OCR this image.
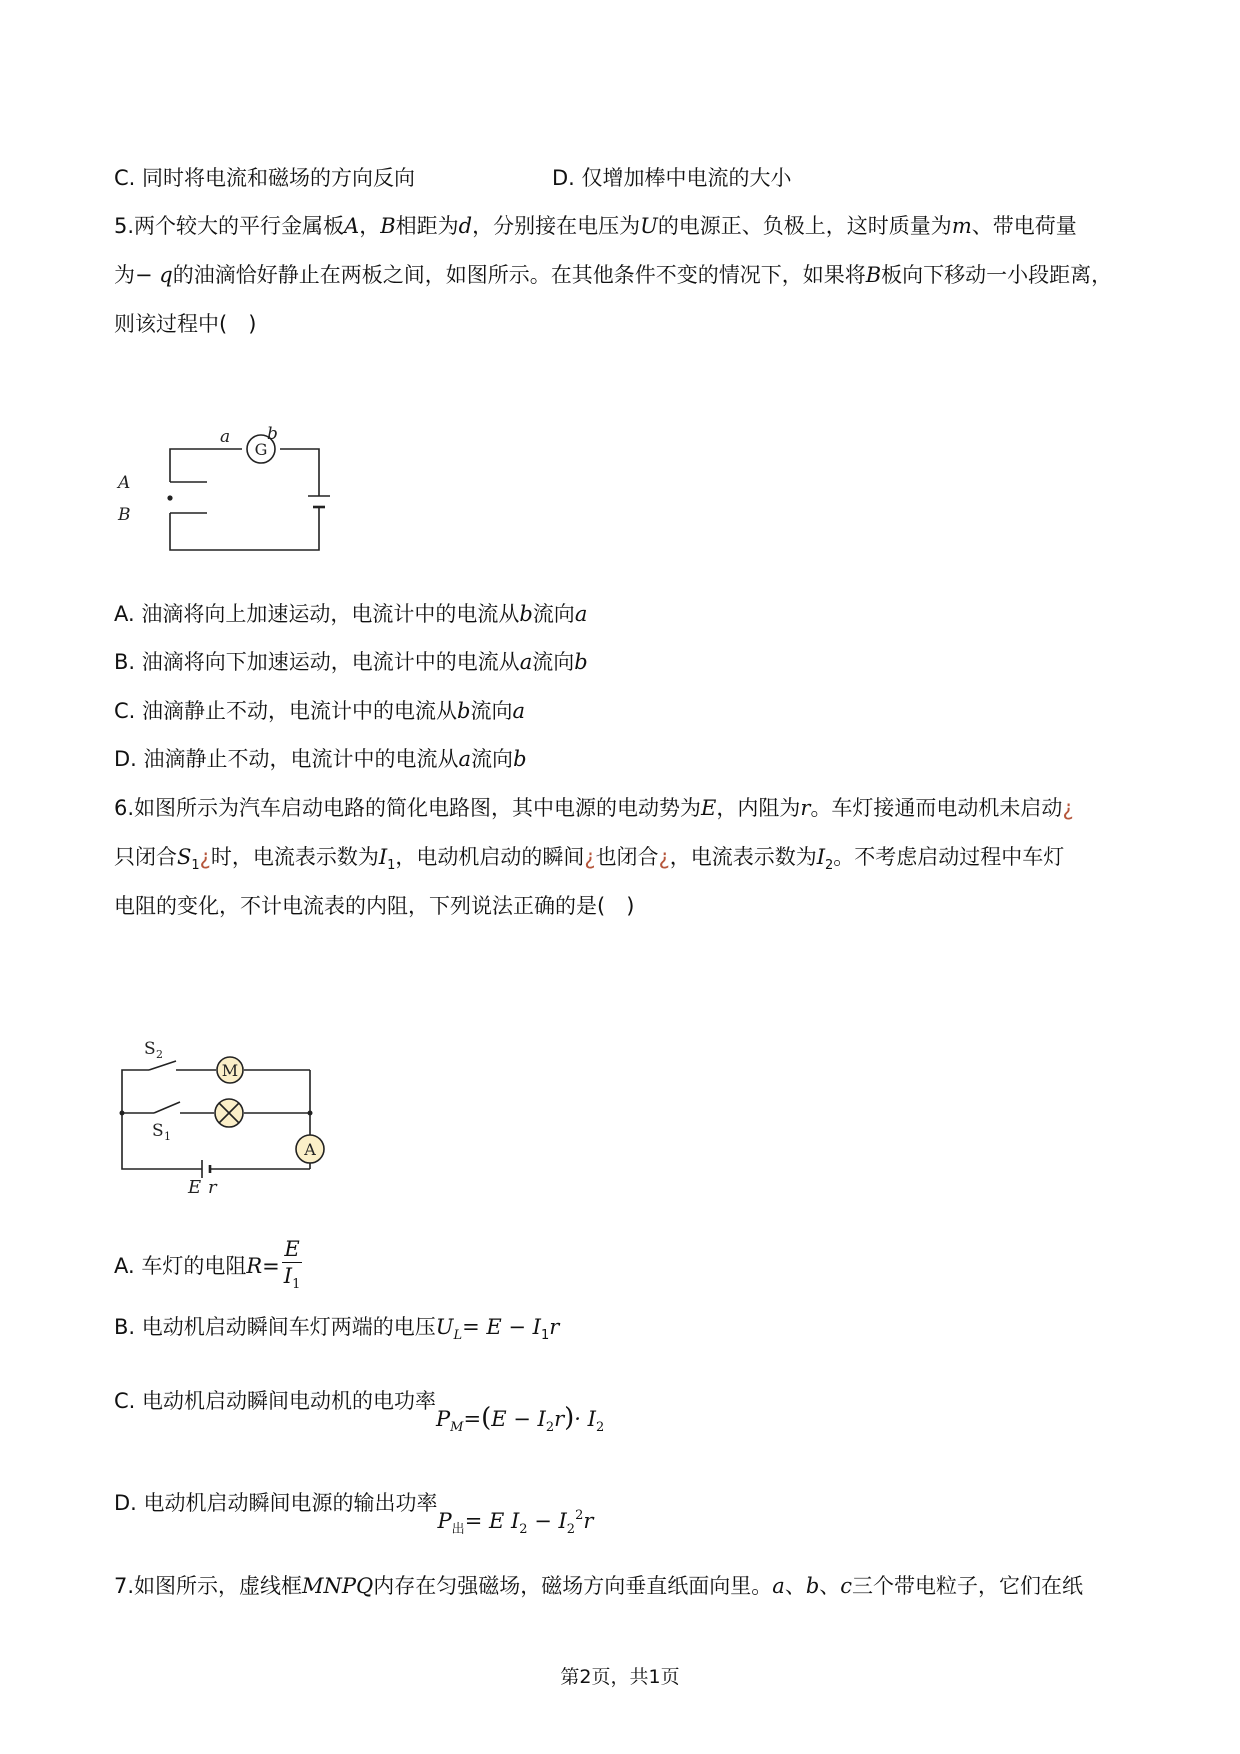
C. 同时将电流和磁场的方向反向	D. 仅增加棒中电流的大小
5.两个较大的平行金属板A，B相距为d，分别接在电压为U的电源正、负极上，这时质量为m、带电荷量
为− q的油滴恰好静止在两板之间，如图所示。在其他条件不变的情况下，如果将B板向下移动一小段距离，
则该过程中(　)
G
a b
A
B
A. 油滴将向上加速运动，电流计中的电流从b流向a
B. 油滴将向下加速运动，电流计中的电流从a流向b
C. 油滴静止不动，电流计中的电流从b流向a
D. 油滴静止不动，电流计中的电流从a流向b
6.如图所示为汽车启动电路的简化电路图，其中电源的电动势为E，内阻为r。车灯接通而电动机未启动¿
只闭合$S_1¿$时，电流表示数为$I_1$，电动机启动的瞬间¿也闭合¿，电流表示数为$I_2$。不考虑启动过程中车灯
电阻的变化，不计电流表的内阻，下列说法正确的是(　)
M
A
S 2
S 1
E r
A. 车灯的电阻$R= \frac{E}{I_1}$
B. 电动机启动瞬间车灯两端的电压$U_L= E - I_1r$
C. 电动机启动瞬间电动机的电功率$P_M=(E - I_2r)\cdot I_2$
D. 电动机启动瞬间电源的输出功率$P_出= E$ $I_2 - I_2^2r$
7.如图所示，虚线框MNPQ内存在匀强磁场，磁场方向垂直纸面向里。a、b、c三个带电粒子，它们在纸
第2页，共1页
